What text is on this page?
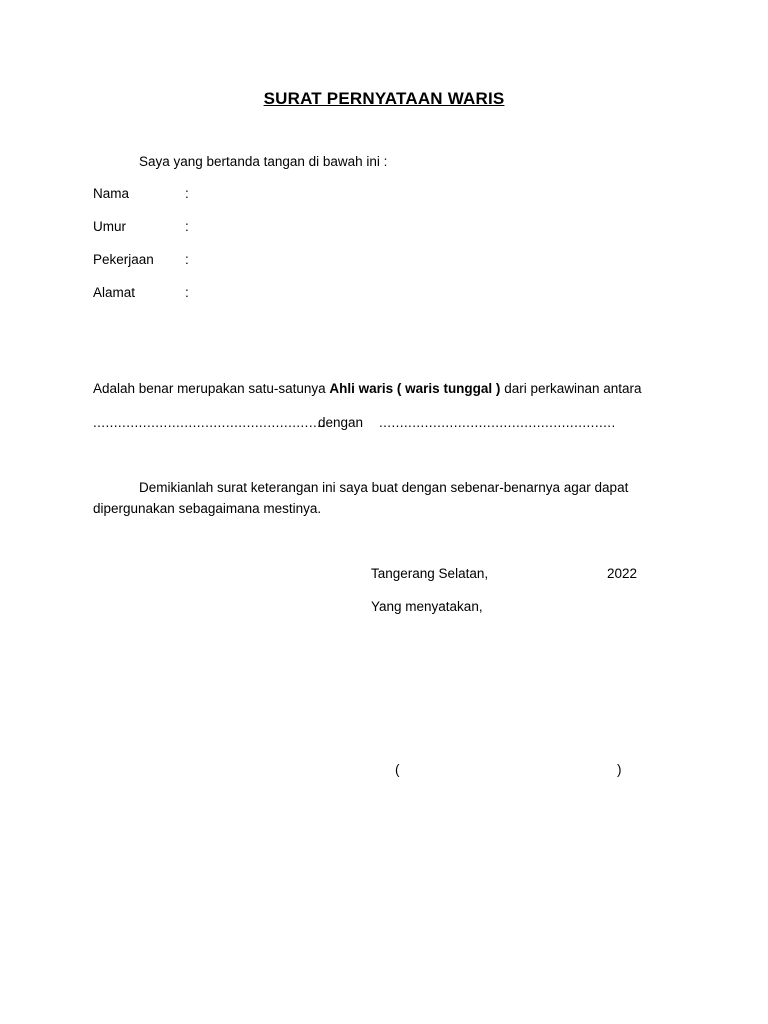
SURAT PERNYATAAN WARIS
Saya yang bertanda tangan di bawah ini :
Nama	:
Umur	:
Pekerjaan :
Alamat	:
Adalah benar merupakan satu-satunya Ahli waris ( waris tunggal ) dari perkawinan antara
........................................................
dengan .........................................................
Demikianlah surat keterangan ini saya buat dengan sebenar-benarnya agar dapat
dipergunakan sebagaimana mestinya.
Tangerang Selatan,	2022
Yang menyatakan,
(	)
